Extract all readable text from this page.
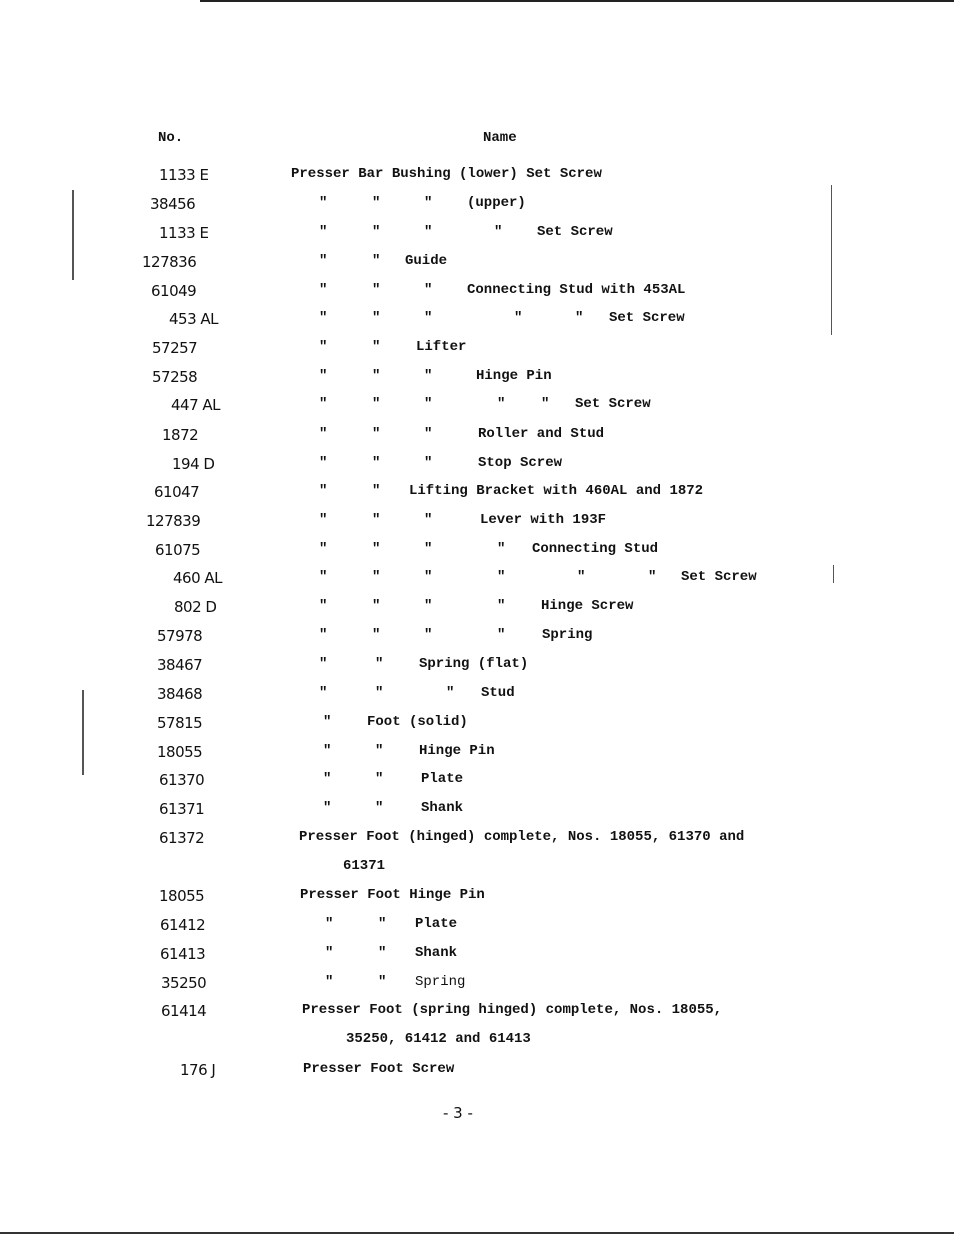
No.	Name
1133 E	Presser Bar Bushing (lower) Set Screw
38456	"	"	" (upper)
1133 E	"	"	"	" Set Screw
127836	"	" Guide
61049	"	"	" Connecting Stud with 453AL
453 AL	"	"	"	"	" Set Screw
57257	"	"	Lifter
57258	"	"	"	Hinge Pin
447 AL	"	"	"	"	" Set Screw
1872	"	"	"	Roller and Stud
194 D	"	"	"	Stop Screw
61047	"	" Lifting Bracket with 460AL and 1872
127839	"	"	"	Lever with 193F
61075	"	"	"	" Connecting Stud
460 AL	"	"	"	"	"	" Set Screw
802 D	"	"	"	"	Hinge Screw
57978	"	"	"	"	Spring
38467	"	"	Spring (flat)
38468	"	"	" Stud
57815	"	Foot (solid)
18055	"	"	Hinge Pin
61370	"	"	Plate
61371	"	"	Shank
61372	Presser Foot (hinged) complete, Nos. 18055, 61370 and
61371
18055	Presser Foot Hinge Pin
61412	"	" Plate
61413	"	" Shank
35250	"	" Spring
61414	Presser Foot (spring hinged) complete, Nos. 18055,
35250, 61412 and 61413
176 J	Presser Foot Screw
- 3 -
